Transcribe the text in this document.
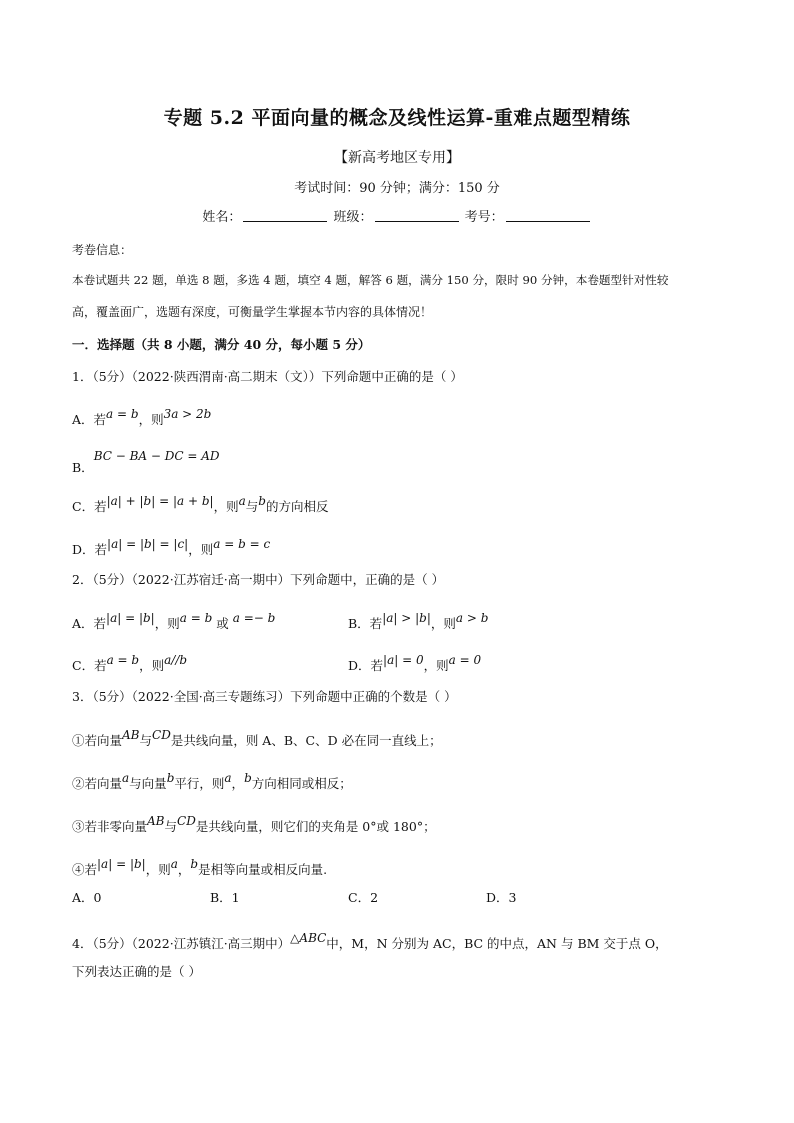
专题 5.2 平面向量的概念及线性运算-重难点题型精练
【新高考地区专用】
考试时间：90 分钟；满分：150 分
姓名：	班级：	考号：
考卷信息：
本卷试题共 22 题，单选 8 题，多选 4 题，填空 4 题，解答 6 题，满分 150 分，限时 90 分钟，本卷题型针对性较
高，覆盖面广，选题有深度，可衡量学生掌握本节内容的具体情况！
一．选择题（共 8 小题，满分 40 分，每小题 5 分）
1．（5分）（2022·陕西渭南·高二期末（文））下列命题中正确的是（ ）
A．若a = b，则3a > 2b
B．BC − BA − DC = AD
C．若|a| + |b| = |a + b|，则a与b的方向相反
D．若|a| = |b| = |c|，则a = b = c
2．（5分）（2022·江苏宿迁·高一期中）下列命题中，正确的是（ ）
A．若|a| = |b|，则a = b 或 a =− b	B．若|a| > |b|，则a > b
C．若a = b，则a//b	D．若|a| = 0，则a = 0
3．（5分）（2022·全国·高三专题练习）下列命题中正确的个数是（ ）
①若向量AB与CD是共线向量，则 A、B、C、D 必在同一直线上；
②若向量a与向量b平行，则a，b方向相同或相反；
③若非零向量AB与CD是共线向量，则它们的夹角是 0°或 180°；
④若|a| = |b|，则a，b是相等向量或相反向量.
A．0	B．1	C．2	D．3
4．（5分）（2022·江苏镇江·高三期中）△ABC中，M，N 分别为 AC，BC 的中点，AN 与 BM 交于点 O，
下列表达正确的是（ ）
